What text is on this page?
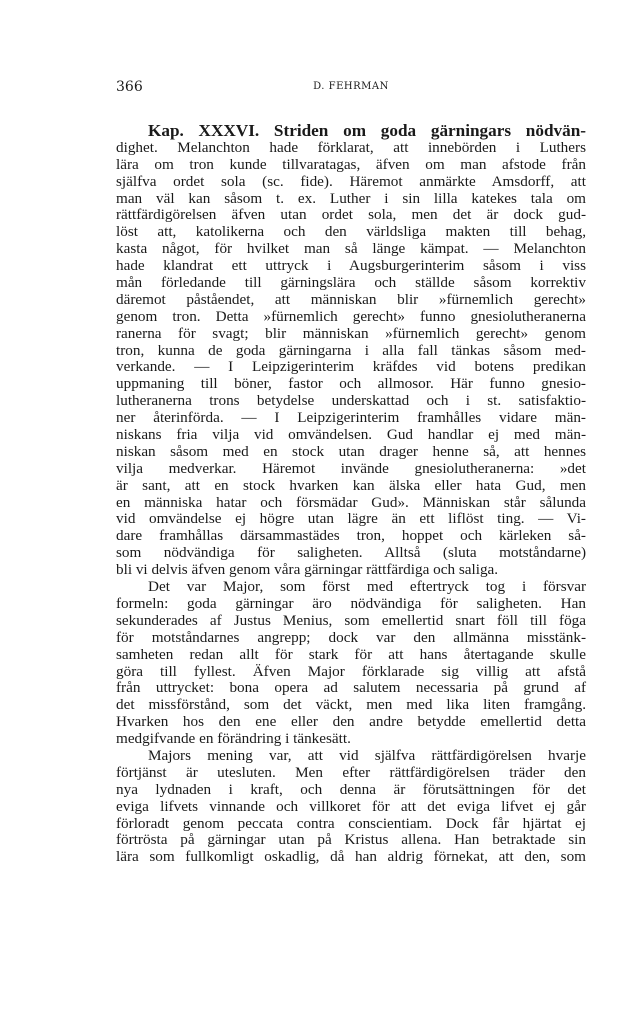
366	D. FEHRMAN
Kap. XXXVI. Striden om goda gärningars nödvän-
dighet. Melanchton hade förklarat, att innebörden i Luthers
lära om tron kunde tillvaratagas, äfven om man afstode från
själfva ordet sola (sc. fide). Häremot anmärkte Amsdorff, att
man väl kan såsom t. ex. Luther i sin lilla katekes tala om
rättfärdigörelsen äfven utan ordet sola, men det är dock gud-
löst att, katolikerna och den världsliga makten till behag,
kasta något, för hvilket man så länge kämpat. — Melanchton
hade klandrat ett uttryck i Augsburgerinterim såsom i viss
mån förledande till gärningslära och ställde såsom korrektiv
däremot påståendet, att människan blir »fürnemlich gerecht»
genom tron. Detta »fürnemlich gerecht» funno gnesiolutheranerna
ranerna för svagt; blir människan »fürnemlich gerecht» genom
tron, kunna de goda gärningarna i alla fall tänkas såsom med-
verkande. — I Leipzigerinterim kräfdes vid botens predikan
uppmaning till böner, fastor och allmosor. Här funno gnesio-
lutheranerna trons betydelse underskattad och i st. satisfaktio-
ner återinförda. — I Leipzigerinterim framhålles vidare män-
niskans fria vilja vid omvändelsen. Gud handlar ej med män-
niskan såsom med en stock utan drager henne så, att hennes
vilja medverkar. Häremot invände gnesiolutheranerna: »det
är sant, att en stock hvarken kan älska eller hata Gud, men
en människa hatar och försmädar Gud». Människan står sålunda
vid omvändelse ej högre utan lägre än ett liflöst ting. — Vi-
dare framhållas därsammastädes tron, hoppet och kärleken så-
som nödvändiga för saligheten. Alltså (sluta motståndarne)
bli vi delvis äfven genom våra gärningar rättfärdiga och saliga.
Det var Major, som först med eftertryck tog i försvar
formeln: goda gärningar äro nödvändiga för saligheten. Han
sekunderades af Justus Menius, som emellertid snart föll till föga
för motståndarnes angrepp; dock var den allmänna misstänk-
samheten redan allt för stark för att hans återtagande skulle
göra till fyllest. Äfven Major förklarade sig villig att afstå
från uttrycket: bona opera ad salutem necessaria på grund af
det missförstånd, som det väckt, men med lika liten framgång.
Hvarken hos den ene eller den andre betydde emellertid detta
medgifvande en förändring i tänkesätt.
Majors mening var, att vid själfva rättfärdigörelsen hvarje
förtjänst är utesluten. Men efter rättfärdigörelsen träder den
nya lydnaden i kraft, och denna är förutsättningen för det
eviga lifvets vinnande och villkoret för att det eviga lifvet ej går
förloradt genom peccata contra conscientiam. Dock får hjärtat ej
förtrösta på gärningar utan på Kristus allena. Han betraktade sin
lära som fullkomligt oskadlig, då han aldrig förnekat, att den, som
